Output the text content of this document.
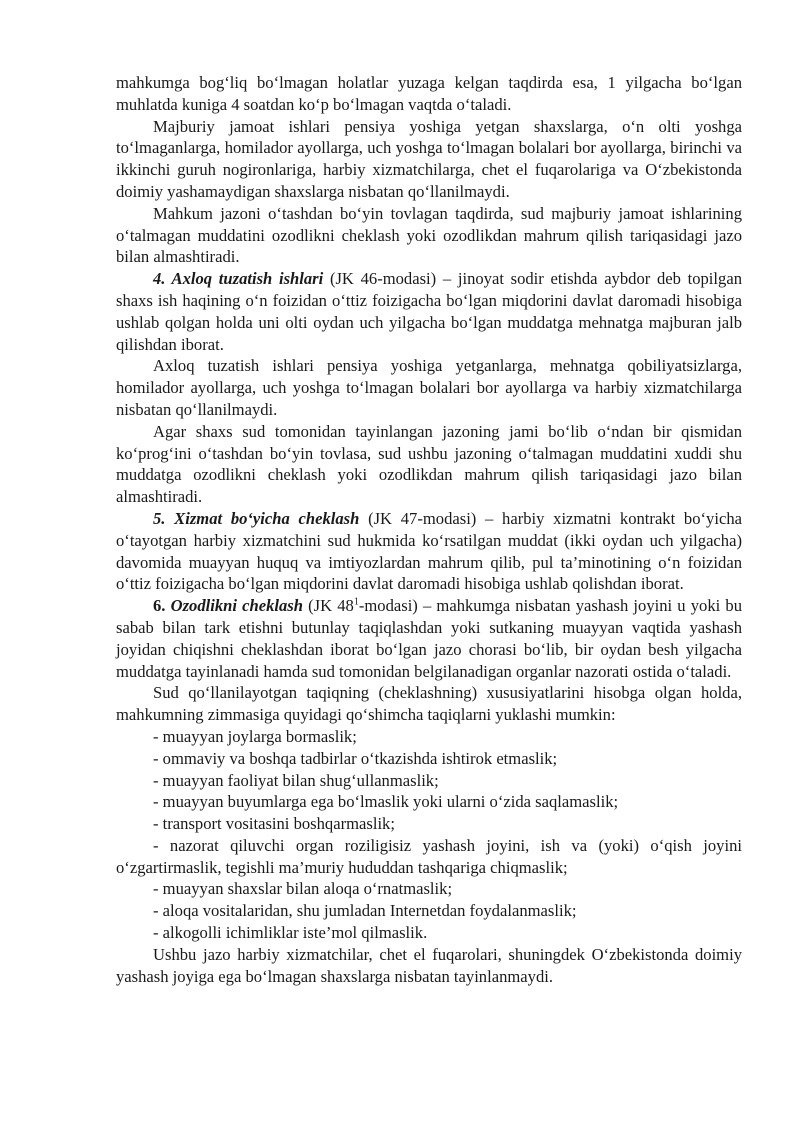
mahkumga bog‘liq bo‘lmagan holatlar yuzaga kelgan taqdirda esa, 1 yilgacha bo‘lgan muhlatda kuniga 4 soatdan ko‘p bo‘lmagan vaqtda o‘taladi.

Majburiy jamoat ishlari pensiya yoshiga yetgan shaxslarga, o‘n olti yoshga to‘lmaganlarga, homilador ayollarga, uch yoshga to‘lmagan bolalari bor ayollarga, birinchi va ikkinchi guruh nogironlariga, harbiy xizmatchilarga, chet el fuqarolariga va O‘zbekistonda doimiy yashamaydigan shaxslarga nisbatan qo‘llanilmaydi.

Mahkum jazoni o‘tashdan bo‘yin tovlagan taqdirda, sud majburiy jamoat ishlarining o‘talmagan muddatini ozodlikni cheklash yoki ozodlikdan mahrum qilish tariqasidagi jazo bilan almashtiradi.

4. Axloq tuzatish ishlari (JK 46-modasi) – jinoyat sodir etishda aybdor deb topilgan shaxs ish haqining o‘n foizidan o‘ttiz foizigacha bo‘lgan miqdorini davlat daromadi hisobiga ushlab qolgan holda uni olti oydan uch yilgacha bo‘lgan muddatga mehnatga majburan jalb qilishdan iborat.

Axloq tuzatish ishlari pensiya yoshiga yetganlarga, mehnatga qobiliyatsizlarga, homilador ayollarga, uch yoshga to‘lmagan bolalari bor ayollarga va harbiy xizmatchilarga nisbatan qo‘llanilmaydi.

Agar shaxs sud tomonidan tayinlangan jazoning jami bo‘lib o‘ndan bir qismidan ko‘prog‘ini o‘tashdan bo‘yin tovlasa, sud ushbu jazoning o‘talmagan muddatini xuddi shu muddatga ozodlikni cheklash yoki ozodlikdan mahrum qilish tariqasidagi jazo bilan almashtiradi.

5. Xizmat bo‘yicha cheklash (JK 47-modasi) – harbiy xizmatni kontrakt bo‘yicha o‘tayotgan harbiy xizmatchini sud hukmida ko‘rsatilgan muddat (ikki oydan uch yilgacha) davomida muayyan huquq va imtiyozlardan mahrum qilib, pul ta’minotining o‘n foizidan o‘ttiz foizigacha bo‘lgan miqdorini davlat daromadi hisobiga ushlab qolishdan iborat.

6. Ozodlikni cheklash (JK $48^1-modasi$) – mahkumga nisbatan yashash joyini u yoki bu sabab bilan tark etishni butunlay taqiqlashdan yoki sutkaning muayyan vaqtida yashash joyidan chiqishni cheklashdan iborat bo‘lgan jazo chorasi bo‘lib, bir oydan besh yilgacha muddatga tayinlanadi hamda sud tomonidan belgilanadigan organlar nazorati ostida o‘taladi.

Sud qo‘llanilayotgan taqiqning (cheklashning) xususiyatlarini hisobga olgan holda, mahkumning zimmasiga quyidagi qo‘shimcha taqiqlarni yuklashi mumkin:

- muayyan joylarga bormaslik;

- ommaviy va boshqa tadbirlar o‘tkazishda ishtirok etmaslik;

- muayyan faoliyat bilan shug‘ullanmaslik;

- muayyan buyumlarga ega bo‘lmaslik yoki ularni o‘zida saqlamaslik;

- transport vositasini boshqarmaslik;

- nazorat qiluvchi organ roziligisiz yashash joyini, ish va (yoki) o‘qish joyini o‘zgartirmaslik, tegishli ma’muriy hududdan tashqariga chiqmaslik;

- muayyan shaxslar bilan aloqa o‘rnatmaslik;

- aloqa vositalaridan, shu jumladan Internetdan foydalanmaslik;

- alkogolli ichimliklar iste’mol qilmaslik.

Ushbu jazo harbiy xizmatchilar, chet el fuqarolari, shuningdek O‘zbekistonda doimiy yashash joyiga ega bo‘lmagan shaxslarga nisbatan tayinlanmaydi.
